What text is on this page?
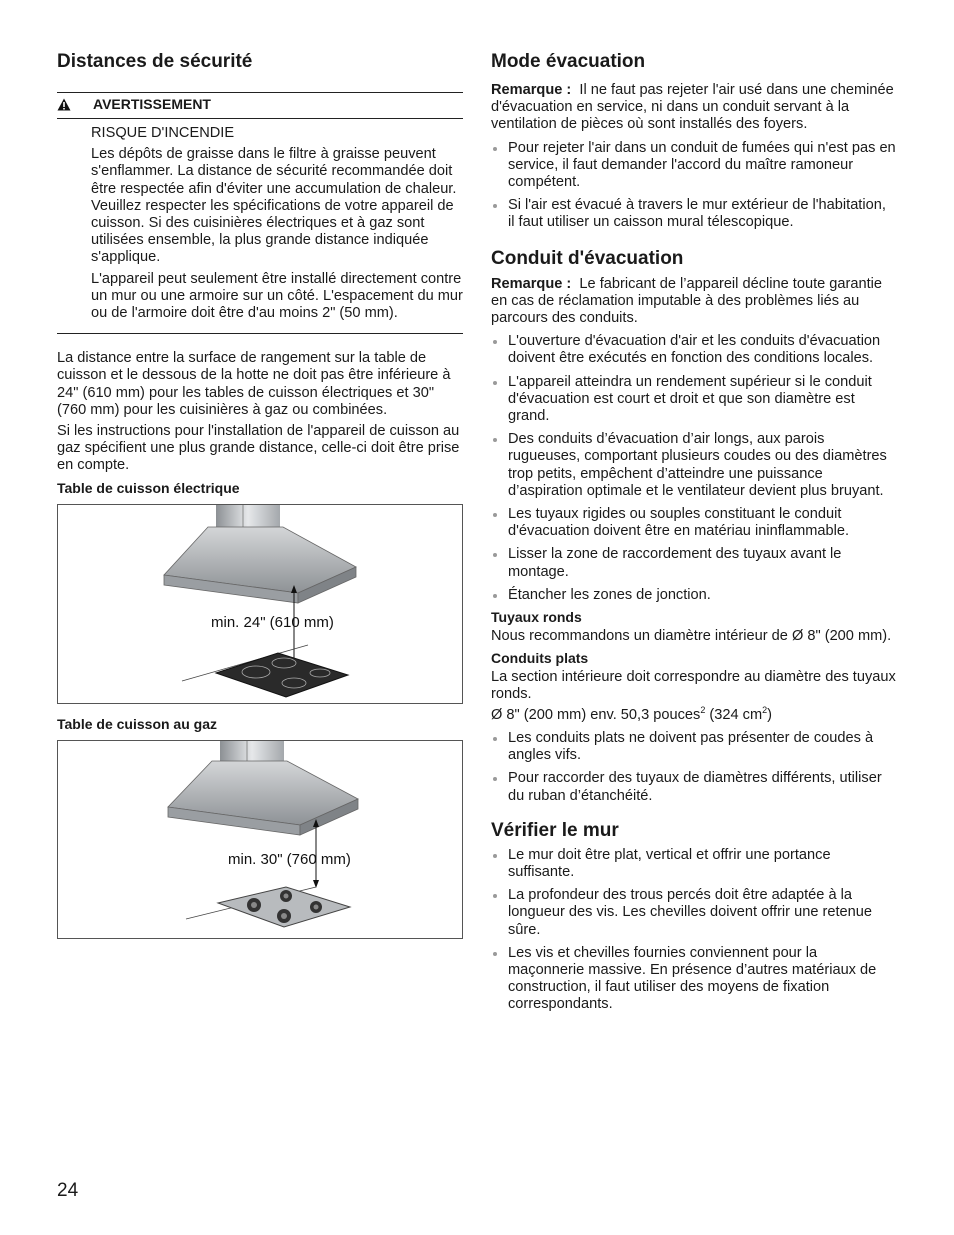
Distances de sécurité
AVERTISSEMENT

RISQUE D'INCENDIE

Les dépôts de graisse dans le filtre à graisse peuvent s'enflammer. La distance de sécurité recommandée doit être respectée afin d'éviter une accumulation de chaleur. Veuillez respecter les spécifications de votre appareil de cuisson. Si des cuisinières électriques et à gaz sont utilisées ensemble, la plus grande distance indiquée s'applique.

L'appareil peut seulement être installé directement contre un mur ou une armoire sur un côté. L'espacement du mur ou de l'armoire doit être d'au moins 2" (50 mm).

La distance entre la surface de rangement sur la table de cuisson et le dessous de la hotte ne doit pas être inférieure à 24" (610 mm) pour les tables de cuisson électriques et 30" (760 mm) pour les cuisinières à gaz ou combinées.

Si les instructions pour l'installation de l'appareil de cuisson au gaz spécifient une plus grande distance, celle-ci doit être prise en compte.

Table de cuisson électrique
min. 24" (610 mm)
Table de cuisson au gaz
min. 30" (760 mm)
Mode évacuation

Remarque : Il ne faut pas rejeter l'air usé dans une cheminée d'évacuation en service, ni dans un conduit servant à la ventilation de pièces où sont installés des foyers.

Pour rejeter l'air dans un conduit de fumées qui n'est pas en service, il faut demander l'accord du maître ramoneur compétent.
Si l'air est évacué à travers le mur extérieur de l'habitation, il faut utiliser un caisson mural télescopique.
Conduit d'évacuation

Remarque : Le fabricant de l’appareil décline toute garantie en cas de réclamation imputable à des problèmes liés au parcours des conduits.

L'ouverture d'évacuation d'air et les conduits d'évacuation doivent être exécutés en fonction des conditions locales.
L'appareil atteindra un rendement supérieur si le conduit d'évacuation est court et droit et que son diamètre est grand.
Des conduits d’évacuation d’air longs, aux parois rugueuses, comportant plusieurs coudes ou des diamètres trop petits, empêchent d’atteindre une puissance d’aspiration optimale et le ventilateur devient plus bruyant.
Les tuyaux rigides ou souples constituant le conduit d'évacuation doivent être en matériau ininflammable.
Lisser la zone de raccordement des tuyaux avant le montage.
Étancher les zones de jonction.
Tuyaux ronds

Nous recommandons un diamètre intérieur de Ø 8" (200 mm).

Conduits plats

La section intérieure doit correspondre au diamètre des tuyaux ronds.

Ø 8" (200 mm) env. 50,3 pouces$^2$ (324 $cm^2$)

Les conduits plats ne doivent pas présenter de coudes à angles vifs.
Pour raccorder des tuyaux de diamètres différents, utiliser du ruban d’étanchéité.
Vérifier le mur
Le mur doit être plat, vertical et offrir une portance suffisante.
La profondeur des trous percés doit être adaptée à la longueur des vis. Les chevilles doivent offrir une retenue sûre.
Les vis et chevilles fournies conviennent pour la maçonnerie massive. En présence d’autres matériaux de construction, il faut utiliser des moyens de fixation correspondants.
24
